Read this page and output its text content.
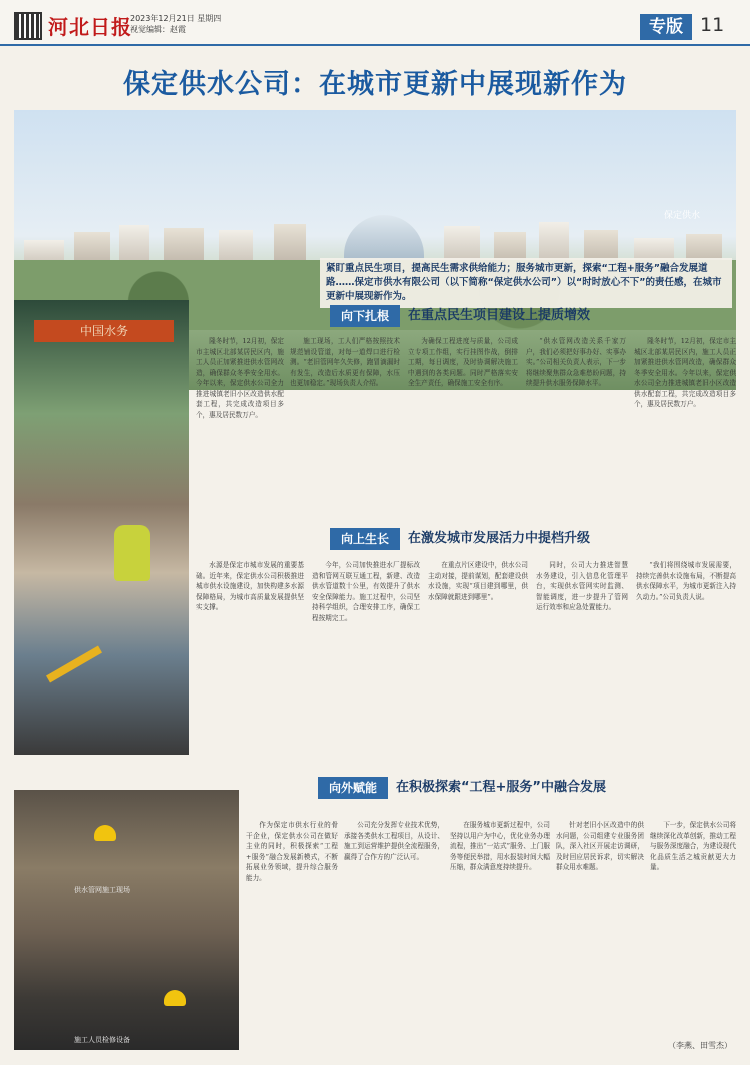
河北日报
2023年12月21日 星期四
视觉编辑：赵霞	专版 11
保定供水公司：在城市更新中展现新作为
保定供水
中国水务
紧盯重点民生项目，提高民生需求供给能力；服务城市更新，探索“工程+服务”融合发展道路……保定市供水有限公司（以下简称“保定供水公司”）以“时时放心不下”的责任感，在城市更新中展现新作为。
向下扎根	在重点民生项目建设上提质增效

隆冬时节，12月初，保定市主城区北部某居民区内，施工人员正加紧推进供水管网改造，确保群众冬季安全用水。今年以来，保定供水公司全力推进城镇老旧小区改造供水配套工程，共完成改造项目多个，惠及居民数万户。

施工现场，工人们严格按照技术规范铺设管道，对每一道焊口进行检测。“老旧管网年久失修，跑冒滴漏时有发生，改造后水质更有保障，水压也更加稳定。”现场负责人介绍。

为确保工程进度与质量，公司成立专项工作组，实行挂图作战，倒排工期，每日调度，及时协调解决施工中遇到的各类问题。同时严格落实安全生产责任，确保施工安全有序。

“供水管网改造关系千家万户，我们必须把好事办好、实事办实。”公司相关负责人表示，下一步将继续聚焦群众急难愁盼问题，持续提升供水服务保障水平。

隆冬时节，12月初，保定市主城区北部某居民区内，施工人员正加紧推进供水管网改造，确保群众冬季安全用水。今年以来，保定供水公司全力推进城镇老旧小区改造供水配套工程，共完成改造项目多个，惠及居民数万户。

向上生长	在激发城市发展活力中提档升级

水源是保定市城市发展的重要基础。近年来，保定供水公司积极推进城市供水设施建设，加快构建多水源保障格局，为城市高质量发展提供坚实支撑。

今年，公司加快推进水厂提标改造和管网互联互通工程，新建、改造供水管道数十公里，有效提升了供水安全保障能力。施工过程中，公司坚持科学组织，合理安排工序，确保工程按期完工。

在重点片区建设中，供水公司主动对接，提前谋划，配套建设供水设施，实现“项目建到哪里，供水保障就跟进到哪里”。

同时，公司大力推进智慧水务建设，引入信息化管理平台，实现供水管网实时监测、智能调度，进一步提升了管网运行效率和应急处置能力。

“我们将围绕城市发展需要，持续完善供水设施布局，不断提高供水保障水平，为城市更新注入持久动力。”公司负责人说。

向外赋能	在积极探索“工程+服务”中融合发展
供水管网施工现场
施工人员检修设备

作为保定市供水行业的骨干企业，保定供水公司在做好主业的同时，积极探索“工程+服务”融合发展新模式，不断拓展业务领域，提升综合服务能力。

公司充分发挥专业技术优势，承接各类供水工程项目，从设计、施工到运营维护提供全流程服务，赢得了合作方的广泛认可。

在服务城市更新过程中，公司坚持以用户为中心，优化业务办理流程，推出“一站式”服务、上门服务等便民举措，用水报装时间大幅压缩，群众满意度持续提升。

针对老旧小区改造中的供水问题，公司组建专业服务团队，深入社区开展走访调研，及时回应居民诉求，切实解决群众用水难题。

下一步，保定供水公司将继续深化改革创新，推动工程与服务深度融合，为建设现代化品质生活之城贡献更大力量。

（李燕、田雪杰）
